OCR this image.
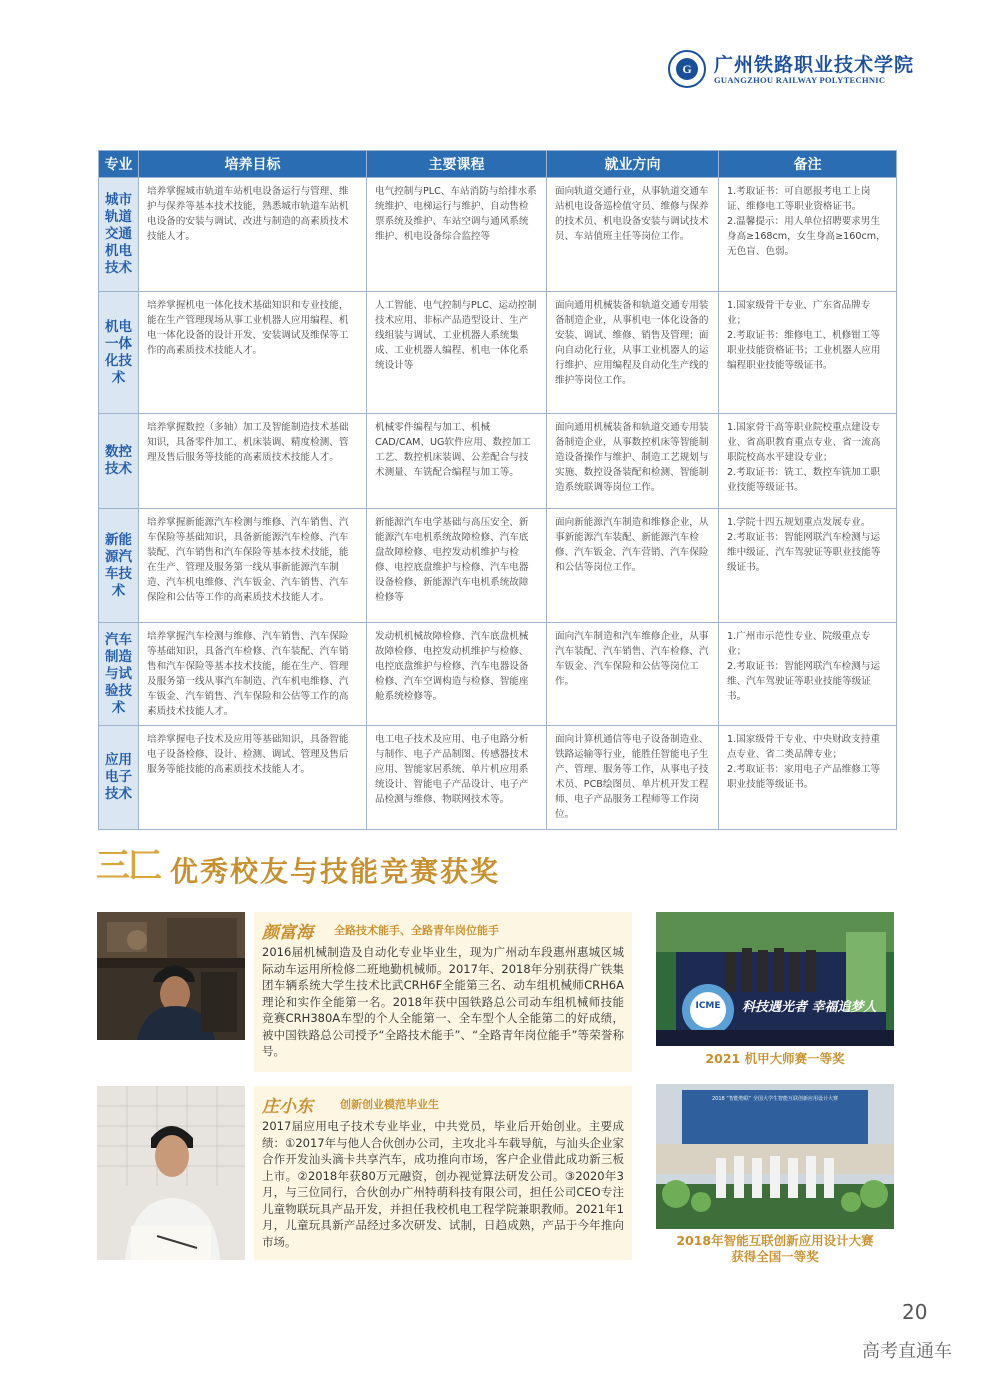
G	广州铁路职业技术学院
GUANGZHOU RAILWAY POLYTECHNIC
专业	培养目标	主要课程	就业方向	备注
城市轨道交通机电技术	培养掌握城市轨道车站机电设备运行与管理、维护与保养等基本技术技能，熟悉城市轨道车站机电设备的安装与调试、改进与制造的高素质技术技能人才。	电气控制与PLC、车站消防与给排水系统维护、电梯运行与维护、自动售检票系统及维护、车站空调与通风系统维护、机电设备综合监控等	面向轨道交通行业，从事轨道交通车站机电设备巡检值守员、维修与保养的技术员、机电设备安装与调试技术员、车站值班主任等岗位工作。	1.考取证书：可自愿报考电工上岗证、维修电工等职业资格证书。
2.温馨提示：用人单位招聘要求男生身高≥168cm，女生身高≥160cm，无色盲、色弱。
机电一体化技术	培养掌握机电一体化技术基础知识和专业技能，能在生产管理现场从事工业机器人应用编程、机电一体化设备的设计开发、安装调试及维保等工作的高素质技术技能人才。	人工智能、电气控制与PLC、运动控制技术应用、非标产品造型设计、生产线组装与调试、工业机器人系统集成、工业机器人编程、机电一体化系统设计等	面向通用机械装备和轨道交通专用装备制造企业，从事机电一体化设备的安装、调试、维修、销售及管理；面向自动化行业，从事工业机器人的运行维护、应用编程及自动化生产线的维护等岗位工作。	1.国家级骨干专业、广东省品牌专业；
2.考取证书：维修电工、机修钳工等职业技能资格证书；工业机器人应用编程职业技能等级证书。
数控技术	培养掌握数控（多轴）加工及智能制造技术基础知识，具备零件加工、机床装调、精度检测、管理及售后服务等技能的高素质技术技能人才。	机械零件编程与加工、机械CAD/CAM、UG软件应用、数控加工工艺、数控机床装调、公差配合与技术测量、车铣配合编程与加工等。	面向通用机械装备和轨道交通专用装备制造企业，从事数控机床等智能制造设备操作与维护、制造工艺规划与实施、数控设备装配和检测、智能制造系统联调等岗位工作。	1.国家骨干高等职业院校重点建设专业、省高职教育重点专业、省一流高职院校高水平建设专业；
2.考取证书：铣工、数控车铣加工职业技能等级证书。
新能源汽车技术	培养掌握新能源汽车检测与维修、汽车销售、汽车保险等基础知识，具备新能源汽车检修、汽车装配、汽车销售和汽车保险等基本技术技能，能在生产、管理及服务第一线从事新能源汽车制造、汽车机电维修、汽车钣金、汽车销售、汽车保险和公估等工作的高素质技术技能人才。	新能源汽车电学基础与高压安全、新能源汽车电机系统故障检修、汽车底盘故障检修、电控发动机维护与检修、电控底盘维护与检修、汽车电器设备检修、新能源汽车电机系统故障检修等	面向新能源汽车制造和维修企业，从事新能源汽车装配、新能源汽车检修、汽车钣金、汽车营销、汽车保险和公估等岗位工作。	1.学院十四五规划重点发展专业。
2.考取证书：智能网联汽车检测与运维中级证、汽车驾驶证等职业技能等级证书。
汽车制造与试验技术	培养掌握汽车检测与维修、汽车销售、汽车保险等基础知识，具备汽车检修、汽车装配、汽车销售和汽车保险等基本技术技能，能在生产、管理及服务第一线从事汽车制造、汽车机电维修、汽车钣金、汽车销售、汽车保险和公估等工作的高素质技术技能人才。	发动机机械故障检修、汽车底盘机械故障检修、电控发动机维护与检修、电控底盘维护与检修、汽车电器设备检修、汽车空调构造与检修、智能座舱系统检修等。	面向汽车制造和汽车维修企业，从事汽车装配、汽车销售、汽车检修、汽车钣金、汽车保险和公估等岗位工作。	1.广州市示范性专业、院级重点专业；
2.考取证书：智能网联汽车检测与运维、汽车驾驶证等职业技能等级证书。
应用电子技术	培养掌握电子技术及应用等基础知识，具备智能电子设备检修、设计、检测、调试、管理及售后服务等能技能的高素质技术技能人才。	电工电子技术及应用、电子电路分析与制作、电子产品制图、传感器技术应用、智能家居系统、单片机应用系统设计、智能电子产品设计、电子产品检测与维修、物联网技术等。	面向计算机通信等电子设备制造业、铁路运输等行业，能胜任智能电子生产、管理、服务等工作，从事电子技术员、PCB绘图员、单片机开发工程师、电子产品服务工程师等工作岗位。	1.国家级骨干专业、中央财政支持重点专业、省二类品牌专业；
2.考取证书：家用电子产品维修工等职业技能等级证书。
三匚 优秀校友与技能竞赛获奖
颜富海 全路技术能手、全路青年岗位能手
2016届机械制造及自动化专业毕业生，现为广州动车段惠州惠城区城际动车运用所检修二班地勤机械师。2017年、2018年分别获得广铁集团车辆系统大学生技术比武CRH6F全能第三名、动车组机械师CRH6A理论和实作全能第一名。2018年获中国铁路总公司动车组机械师技能竞赛CRH380A车型的个人全能第一、全车型个人全能第二的好成绩，被中国铁路总公司授予“全路技术能手”、“全路青年岗位能手”等荣誉称号。
庄小东 创新创业模范毕业生
2017届应用电子技术专业毕业，中共党员，毕业后开始创业。主要成绩：①2017年与他人合伙创办公司，主攻北斗车载导航，与汕头企业家合作开发汕头滴卡共享汽车，成功推向市场，客户企业借此成功新三板上市。②2018年获80万元融资，创办视觉算法研发公司。③2020年3月，与三位同行，合伙创办广州特萌科技有限公司，担任公司CEO专注儿童物联玩具产品开发，并担任我校机电工程学院兼职教师。2021年1月，儿童玩具新产品经过多次研发、试制，日趋成熟，产品于今年推向市场。
ICME	科技遇光者 幸福追梦人
2021 机甲大师赛一等奖
2018 “智能物联” 全国大学生智能互联创新应用设计大赛
2018年智能互联创新应用设计大赛
获得全国一等奖
20
高考直通车
